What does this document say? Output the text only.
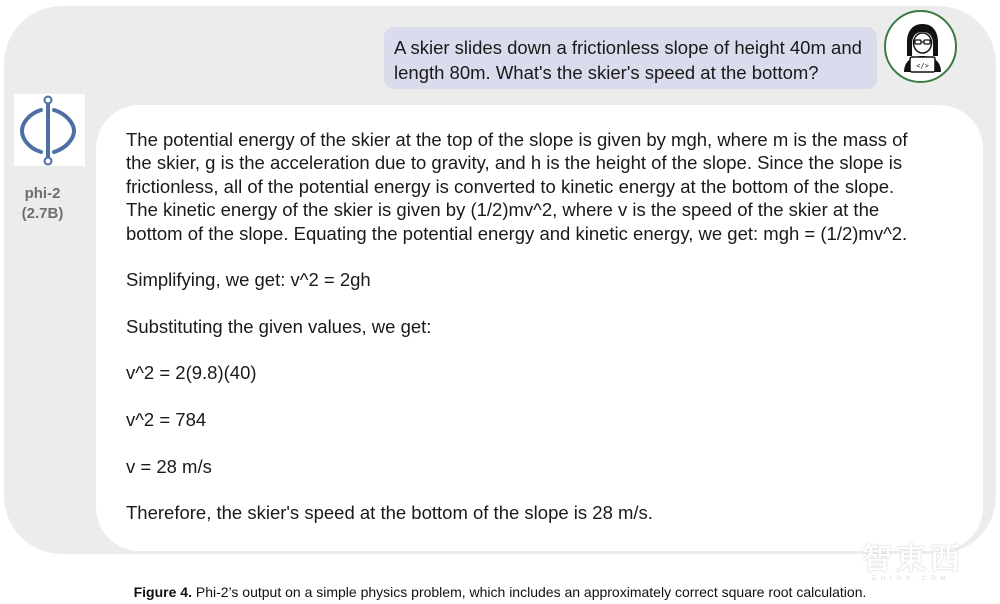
A skier slides down a frictionless slope of height 40m and
length 80m. What's the skier's speed at the bottom?	</>
phi-2
(2.7B)
The potential energy of the skier at the top of the slope is given by mgh, where m is the mass of
the skier, g is the acceleration due to gravity, and h is the height of the slope. Since the slope is
frictionless, all of the potential energy is converted to kinetic energy at the bottom of the slope.
The kinetic energy of the skier is given by (1/2)mv^2, where v is the speed of the skier at the
bottom of the slope. Equating the potential energy and kinetic energy, we get: mgh = (1/2)mv^2.
Simplifying, we get: v^2 = 2gh
Substituting the given values, we get:
v^2 = 2(9.8)(40)
v^2 = 784
v = 28 m/s
Therefore, the skier's speed at the bottom of the slope is 28 m/s.
智東西
ZHIDX.COM
Figure 4. Phi-2’s output on a simple physics problem, which includes an approximately correct square root calculation.
